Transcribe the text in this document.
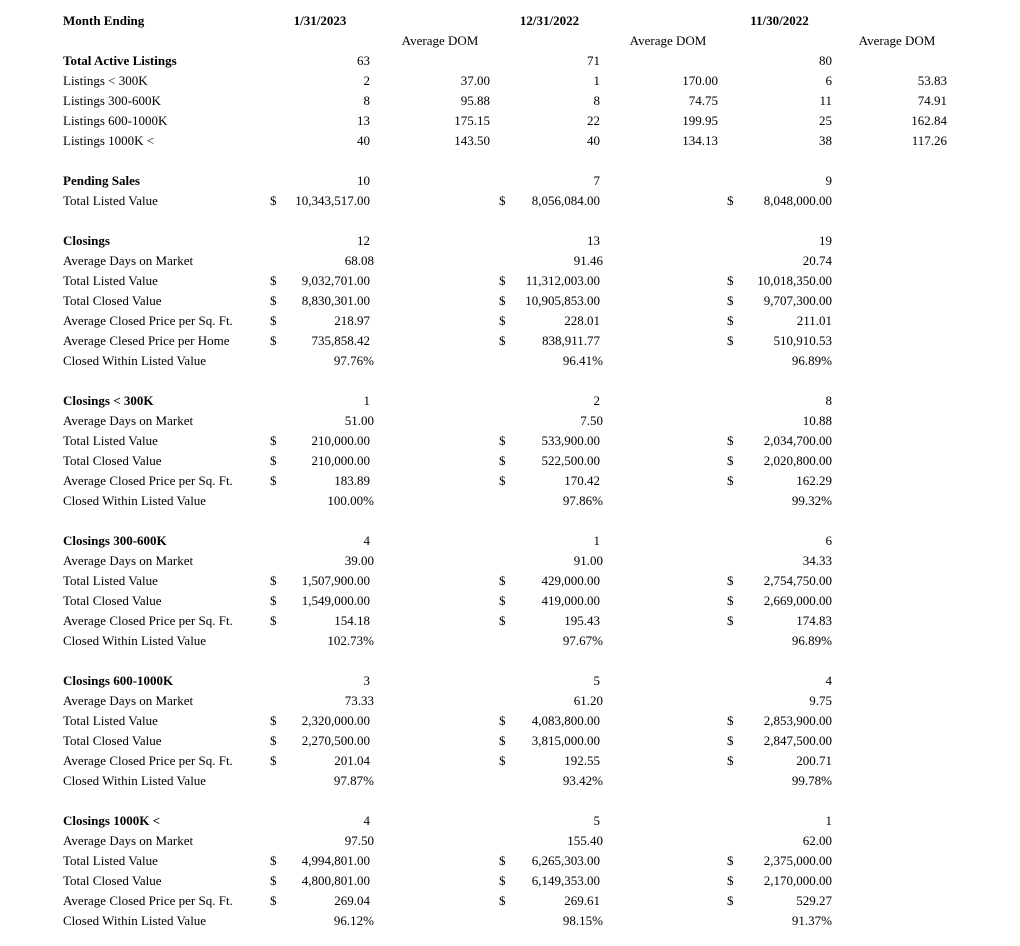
Month Ending	1/31/2023	12/31/2022	11/30/2022
Average DOM	Average DOM	Average DOM
Total Active Listings	63	71	80
Listings < 300K	2	37.00	1	170.00	6	53.83
Listings 300-600K	8	95.88	8	74.75	11	74.91
Listings 600-1000K	13	175.15	22	199.95	25	162.84
Listings 1000K <	40	143.50	40	134.13	38	117.26
Pending Sales	10	7	9
Total Listed Value	$	10,343,517.00	$	8,056,084.00	$	8,048,000.00
Closings	12	13	19
Average Days on Market	68.08	91.46	20.74
Total Listed Value	$	9,032,701.00	$	11,312,003.00	$	10,018,350.00
Total Closed Value	$	8,830,301.00	$	10,905,853.00	$	9,707,300.00
Average Closed Price per Sq. Ft.	$	218.97	$	228.01	$	211.01
Average Clesed Price per Home	$	735,858.42	$	838,911.77	$	510,910.53
Closed Within Listed Value	97.76%	96.41%	96.89%
Closings < 300K	1	2	8
Average Days on Market	51.00	7.50	10.88
Total Listed Value	$	210,000.00	$	533,900.00	$	2,034,700.00
Total Closed Value	$	210,000.00	$	522,500.00	$	2,020,800.00
Average Closed Price per Sq. Ft.	$	183.89	$	170.42	$	162.29
Closed Within Listed Value	100.00%	97.86%	99.32%
Closings 300-600K	4	1	6
Average Days on Market	39.00	91.00	34.33
Total Listed Value	$	1,507,900.00	$	429,000.00	$	2,754,750.00
Total Closed Value	$	1,549,000.00	$	419,000.00	$	2,669,000.00
Average Closed Price per Sq. Ft.	$	154.18	$	195.43	$	174.83
Closed Within Listed Value	102.73%	97.67%	96.89%
Closings 600-1000K	3	5	4
Average Days on Market	73.33	61.20	9.75
Total Listed Value	$	2,320,000.00	$	4,083,800.00	$	2,853,900.00
Total Closed Value	$	2,270,500.00	$	3,815,000.00	$	2,847,500.00
Average Closed Price per Sq. Ft.	$	201.04	$	192.55	$	200.71
Closed Within Listed Value	97.87%	93.42%	99.78%
Closings 1000K <	4	5	1
Average Days on Market	97.50	155.40	62.00
Total Listed Value	$	4,994,801.00	$	6,265,303.00	$	2,375,000.00
Total Closed Value	$	4,800,801.00	$	6,149,353.00	$	2,170,000.00
Average Closed Price per Sq. Ft.	$	269.04	$	269.61	$	529.27
Closed Within Listed Value	96.12%	98.15%	91.37%
